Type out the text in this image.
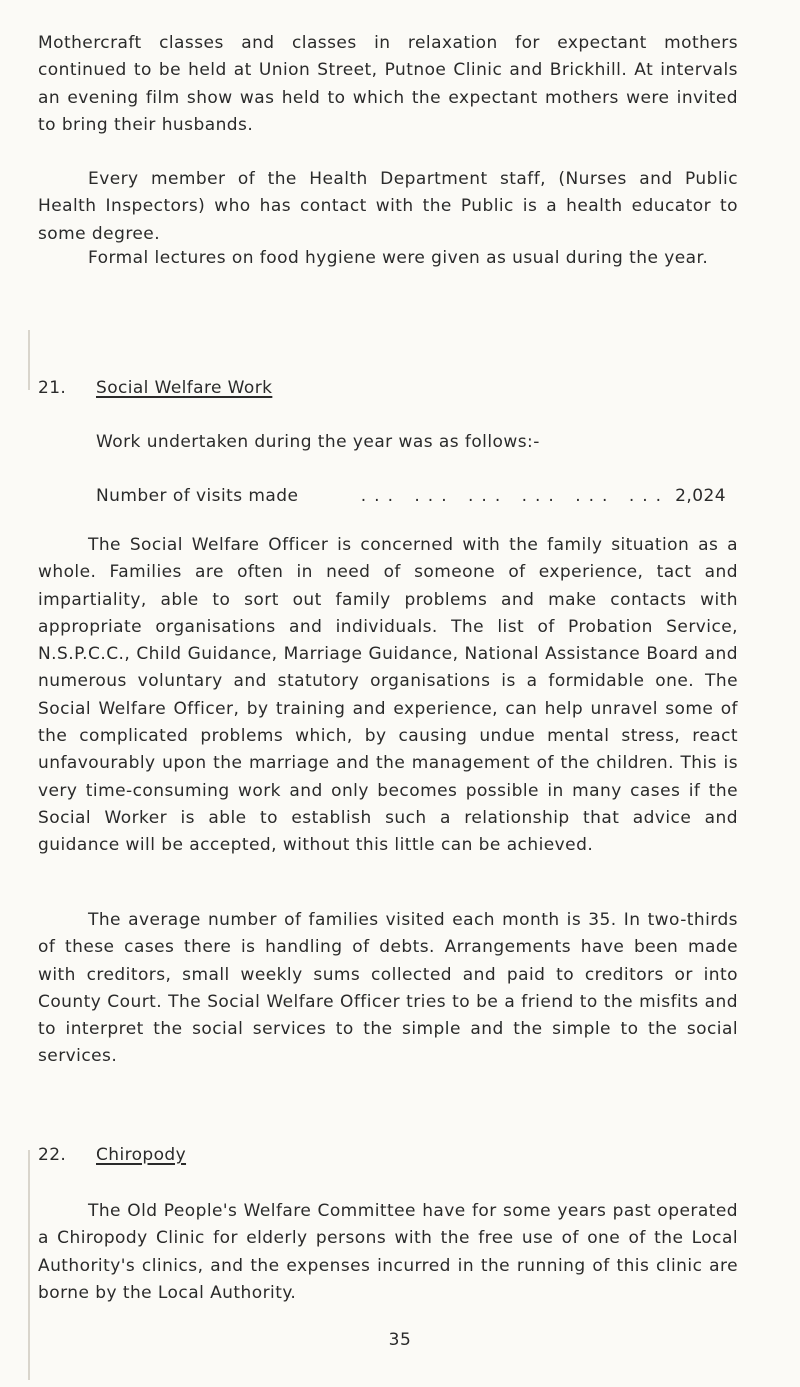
Mothercraft classes and classes in relaxation for expectant mothers continued to be held at Union Street, Putnoe Clinic and Brickhill. At intervals an evening film show was held to which the expectant mothers were invited to bring their husbands.

Every member of the Health Department staff, (Nurses and Public Health Inspectors) who has contact with the Public is a health educator to some degree.

Formal lectures on food hygiene were given as usual during the year.

21. Social Welfare Work
Work undertaken during the year was as follows:-
Number of visits made	... ... ... ... ... ... 2,024

The Social Welfare Officer is concerned with the family situation as a whole. Families are often in need of someone of experience, tact and impartiality, able to sort out family problems and make contacts with appropriate organisations and individuals. The list of Probation Service, N.S.P.C.C., Child Guidance, Marriage Guidance, National Assistance Board and numerous voluntary and statutory organisations is a formidable one. The Social Welfare Officer, by training and experience, can help unravel some of the complicated problems which, by causing undue mental stress, react unfavourably upon the marriage and the management of the children. This is very time-consuming work and only becomes possible in many cases if the Social Worker is able to establish such a relationship that advice and guidance will be accepted, without this little can be achieved.

The average number of families visited each month is 35. In two-thirds of these cases there is handling of debts. Arrangements have been made with creditors, small weekly sums collected and paid to creditors or into County Court. The Social Welfare Officer tries to be a friend to the misfits and to interpret the social services to the simple and the simple to the social services.

22. Chiropody

The Old People's Welfare Committee have for some years past operated a Chiropody Clinic for elderly persons with the free use of one of the Local Authority's clinics, and the expenses incurred in the running of this clinic are borne by the Local Authority.

35
